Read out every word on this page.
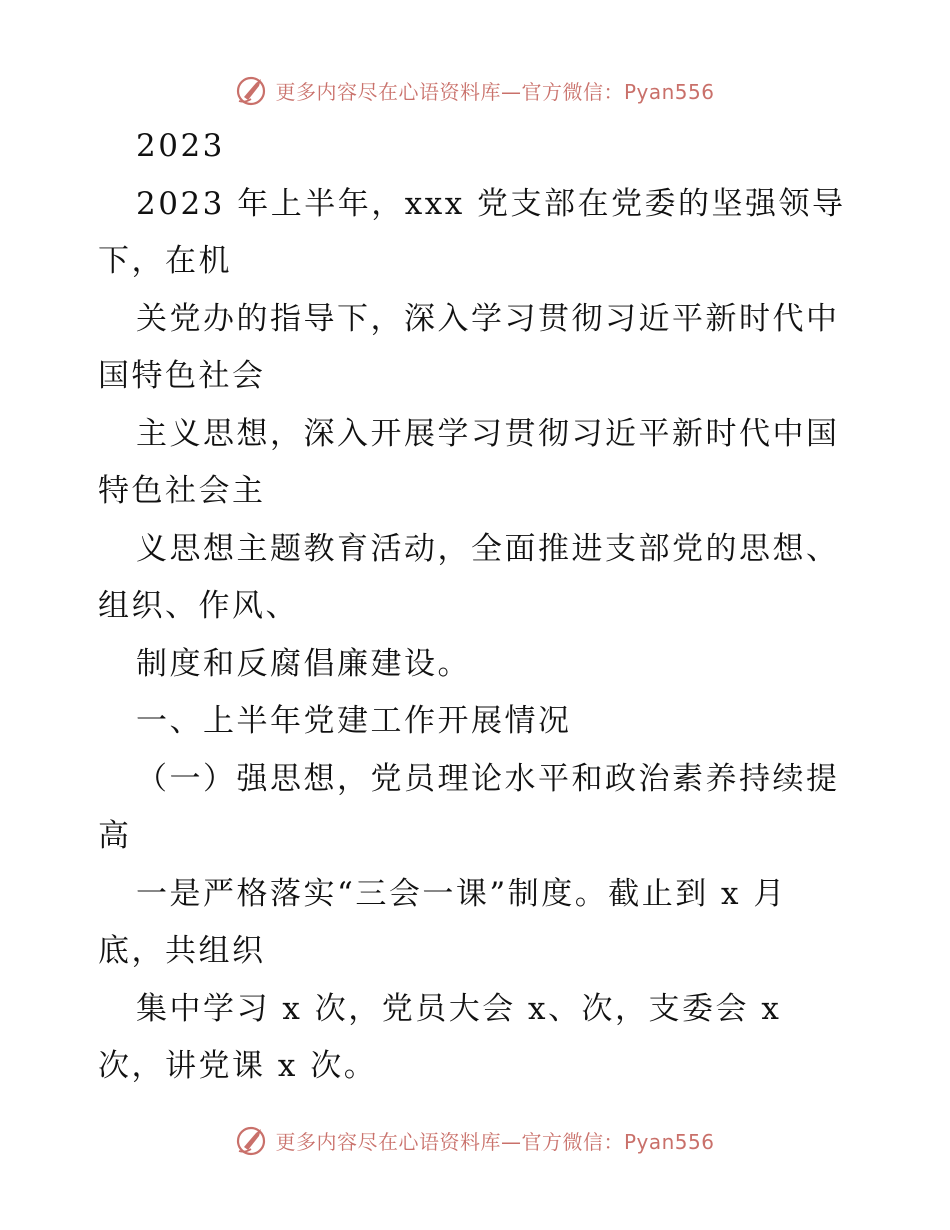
更多内容尽在心语资料库—官方微信：Pyan556
2023
2023 年上半年，xxx 党支部在党委的坚强领导
下，在机
关党办的指导下，深入学习贯彻习近平新时代中
国特色社会
主义思想，深入开展学习贯彻习近平新时代中国
特色社会主
义思想主题教育活动，全面推进支部党的思想、
组织、作风、
制度和反腐倡廉建设。
一、上半年党建工作开展情况
（一）强思想，党员理论水平和政治素养持续提
高
一是严格落实“三会一课”制度。截止到 x 月
底，共组织
集中学习 x 次，党员大会 x、次，支委会 x
次，讲党课 x 次。
更多内容尽在心语资料库—官方微信：Pyan556
